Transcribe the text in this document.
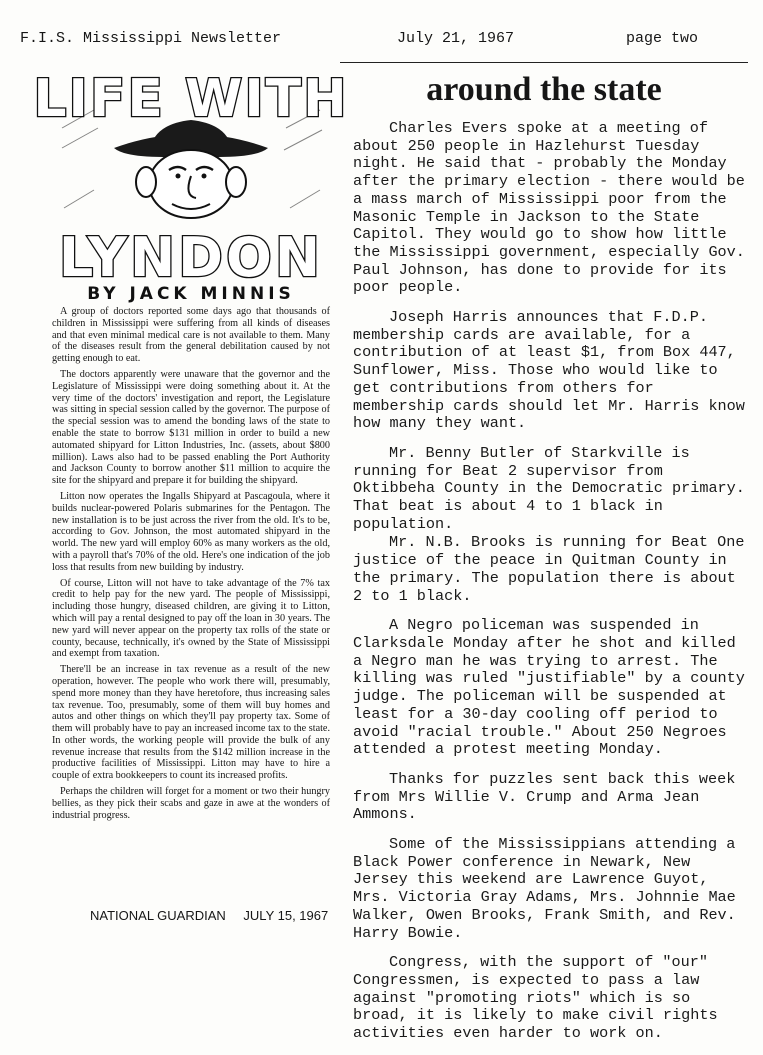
F.I.S. Mississippi Newsletter	July 21, 1967	page two
LIFE WITH
LYNDON
BY JACK MINNIS

A group of doctors reported some days ago that thousands of children in Mississippi were suffering from all kinds of diseases and that even minimal medical care is not available to them. Many of the diseases result from the general debilitation caused by not getting enough to eat.

The doctors apparently were unaware that the governor and the Legislature of Mississippi were doing something about it. At the very time of the doctors' investigation and report, the Legislature was sitting in special session called by the governor. The purpose of the special session was to amend the bonding laws of the state to enable the state to borrow $131 million in order to build a new automated shipyard for Litton Industries, Inc. (assets, about $800 million). Laws also had to be passed enabling the Port Authority and Jackson County to borrow another $11 million to acquire the site for the shipyard and prepare it for building the shipyard.

Litton now operates the Ingalls Shipyard at Pascagoula, where it builds nuclear-powered Polaris submarines for the Pentagon. The new installation is to be just across the river from the old. It's to be, according to Gov. Johnson, the most automated shipyard in the world. The new yard will employ 60% as many workers as the old, with a payroll that's 70% of the old. Here's one indication of the job loss that results from new building by industry.

Of course, Litton will not have to take advantage of the 7% tax credit to help pay for the new yard. The people of Mississippi, including those hungry, diseased children, are giving it to Litton, which will pay a rental designed to pay off the loan in 30 years. The new yard will never appear on the property tax rolls of the state or county, because, technically, it's owned by the State of Mississippi and exempt from taxation.

There'll be an increase in tax revenue as a result of the new operation, however. The people who work there will, presumably, spend more money than they have heretofore, thus increasing sales tax revenue. Too, presumably, some of them will buy homes and autos and other things on which they'll pay property tax. Some of them will probably have to pay an increased income tax to the state. In other words, the working people will provide the bulk of any revenue increase that results from the $142 million increase in the productive facilities of Mississippi. Litton may have to hire a couple of extra bookkeepers to count its increased profits.

Perhaps the children will forget for a moment or two their hungry bellies, as they pick their scabs and gaze in awe at the wonders of industrial progress.

NATIONAL GUARDIAN JULY 15, 1967
around the state

Charles Evers spoke at a meeting of about 250 people in Hazlehurst Tuesday night. He said that - probably the Monday after the primary election - there would be a mass march of Mississippi poor from the Masonic Temple in Jackson to the State Capitol. They would go to show how little the Mississippi government, especially Gov. Paul Johnson, has done to provide for its poor people.

Joseph Harris announces that F.D.P. membership cards are available, for a contribution of at least $1, from Box 447, Sunflower, Miss. Those who would like to get contributions from others for membership cards should let Mr. Harris know how many they want.

Mr. Benny Butler of Starkville is running for Beat 2 supervisor from Oktibbeha County in the Democratic primary. That beat is about 4 to 1 black in population.

Mr. N.B. Brooks is running for Beat One justice of the peace in Quitman County in the primary. The population there is about 2 to 1 black.

A Negro policeman was suspended in Clarksdale Monday after he shot and killed a Negro man he was trying to arrest. The killing was ruled "justifiable" by a county judge. The policeman will be suspended at least for a 30-day cooling off period to avoid "racial trouble." About 250 Negroes attended a protest meeting Monday.

Thanks for puzzles sent back this week from Mrs Willie V. Crump and Arma Jean Ammons.

Some of the Mississippians attending a Black Power conference in Newark, New Jersey this weekend are Lawrence Guyot, Mrs. Victoria Gray Adams, Mrs. Johnnie Mae Walker, Owen Brooks, Frank Smith, and Rev. Harry Bowie.

Congress, with the support of "our" Congressmen, is expected to pass a law against "promoting riots" which is so broad, it is likely to make civil rights activities even harder to work on.
